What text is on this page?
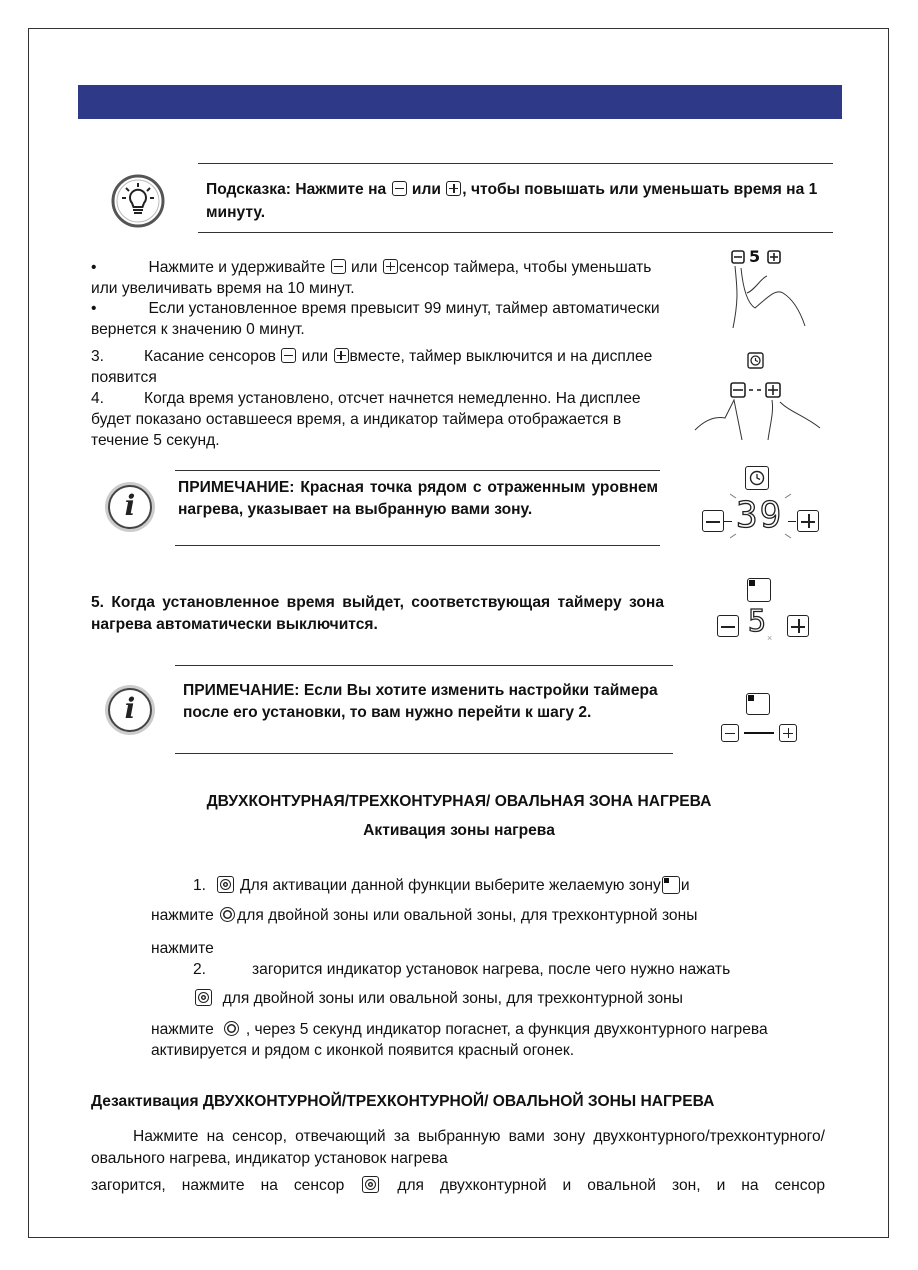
Подсказка: Нажмите на или , чтобы повышать или уменьшать время на 1 минуту.
•            Нажмите и удерживайте или сенсор таймера, чтобы уменьшать или увеличивать время на 10 минут.
•            Если установленное время превысит 99 минут, таймер автоматически вернется к значению 0 минут.
3.	Касание сенсоров или вместе, таймер выключится и на дисплее появится
4.	Когда время установлено, отсчет начнется немедленно. На дисплее будет показано оставшееся время, а индикатор таймера отображается в течение 5 секунд.
5
i
ПРИМЕЧАНИЕ: Красная точка рядом с отраженным уровнем нагрева, указывает на выбранную вами зону.	39
5. Когда установленное время выйдет, соответствующая таймеру зона нагрева автоматически выключится.	5 ×
i
ПРИМЕЧАНИЕ: Если Вы хотите изменить настройки таймера после его установки, то вам нужно перейти к шагу 2.
ДВУХКОНТУРНАЯ/ТРЕХКОНТУРНАЯ/ ОВАЛЬНАЯ ЗОНА НАГРЕВА
Активация зоны нагрева
1. Для активации данной функции выберите желаемую зону и
нажмите для двойной зоны или овальной зоны, для трехконтурной зоны
нажмите
2.	загорится индикатор установок нагрева, после чего нужно нажать
для двойной зоны или овальной зоны, для трехконтурной зоны
нажмите , через 5 секунд индикатор погаснет, а функция двухконтурного нагрева активируется и рядом с иконкой появится красный огонек.
Дезактивация ДВУХКОНТУРНОЙ/ТРЕХКОНТУРНОЙ/ ОВАЛЬНОЙ ЗОНЫ НАГРЕВА
Нажмите на сенсор, отвечающий за выбранную вами зону двухконтурного/трехконтурного/овального нагрева, индикатор установок нагрева
загорится, нажмите на сенсор	для двухконтурной и овальной зон, и на сенсор
